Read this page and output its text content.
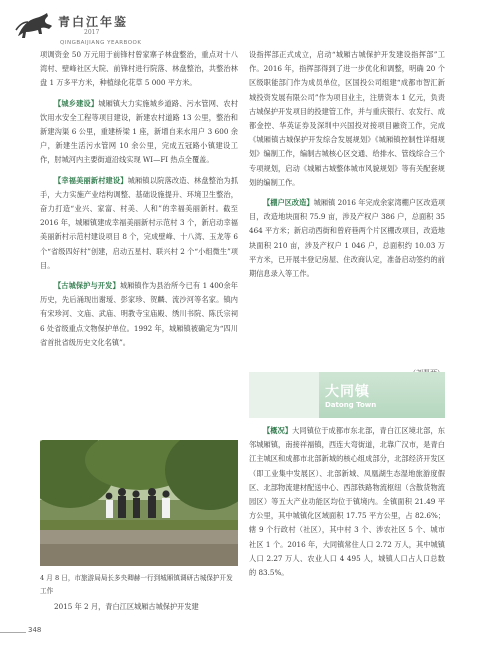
青白江年鉴
2017
QINGBAIJIANG YEARBOOK

项调资金 50 万元用于前锋村曾家寨子林盘整治，重点对十八湾村、壁峰社区大院、前锋村进行院落、林盘整治，共整治林盘 1 万多平方米，种植绿化花草 5 000 平方米。

【城乡建设】城厢镇大力实施城乡道路、污水管网、农村饮用水安全工程等项目建设，新建农村道路 13 公里，整治和新建沟渠 6 公里，重建桥梁 1 座，新增自来水用户 3 600 余户，新建生活污水管网 10 余公里，完成五冠路小镇建设工作，肘城河内主要街道沿线实现 WI—FI 热点全覆盖。

【幸福美丽新村建设】城厢镇以院落改造、林盘整治为抓手，大力实施产业结构调整、基础设施提升、环境卫生整治，奋力打造“业兴、家富、村美、人和”的幸福美丽新村。截至 2016 年，城厢镇建成幸福美丽新村示范村 3 个，新启动幸福美丽新村示范村建设项目 8 个，完成壁峰、十八湾、玉龙等 6 个“省级四好村”创建，启动五星村、联兴村 2 个“小组微生”项目。

【古城保护与开发】城厢镇作为县治所今已有 1 400余年历史，先后涌现出谢瑷、彭家珍、贺麟、流沙河等名家。镇内有宋珍河、文庙、武庙、明教寺宝庙殿、绣川书院、陈氏宗祠 6 处省级重点文物保护单位。1992 年，城厢镇被确定为“四川省首批省级历史文化名镇”。

4 月 8 日，市旅游局局长多央卿赫一行到城厢镇调研古城保护开发工作

2015 年 2 月，青白江区城厢古城保护开发建

设指挥部正式成立，启动“城厢古城保护开发建设指挥部”工作。2016 年，指挥部得到了进一步优化和调整，明确 20 个区级职能部门作为成员单位，区国投公司组建“成都市智汇新城投资发展有限公司”作为项目业主，注册资本 1 亿元，负责古城保护开发项目的投建管工作，并与重庆银行、农发行、成都金控、华英证券及深圳中兴国投对接项目融资工作，完成《城厢镇古城保护开发综合发展规划》《城厢镇控制性详细规划》编制工作，编制古城核心区交通、给排水、管线综合三个专项规划，启动《城厢古城整体城市风貌规划》等有关配套规划的编制工作。

【棚户区改造】城厢镇 2016 年完成余家湾棚户区改造项目，改造地块面积 75.9 亩，涉及产权户 386 户，总面积 35 464 平方米；新启动西街和曾府巷两个片区棚改项目，改造地块面积 210 亩，涉及产权户 1 046 户，总面积约 10.03 万平方米，已开展丰登记房屋、住改商认定，准备启动签约的前期信息录入等工作。

大同镇
Datong Town

【概况】大同镇位于成都市东北部，青白江区境北部，东邻城厢镇，南接祥福镇，西连大弯街道，北靠广汉市，是青白江主城区和成都市北部新城的核心组成部分，北部经济开发区（即工业集中发展区）、北部新城、凤凰湖生态湿地旅游度假区、北部物流建材配送中心、西部铁路物流枢纽（含散货物流园区）等五大产业功能区均位于镇境内。全镇面积 21.49 平方公里，其中城镇化区域面积 17.75 平方公里，占 82.6%；辖 9 个行政村（社区），其中村 3 个、涉农社区 5 个、城市社区 1 个。2016 年，大同镇常住人口 2.72 万人，其中城镇人口 2.27 万人、农业人口 4 495 人，城镇人口占人口总数的 83.5%。

348
